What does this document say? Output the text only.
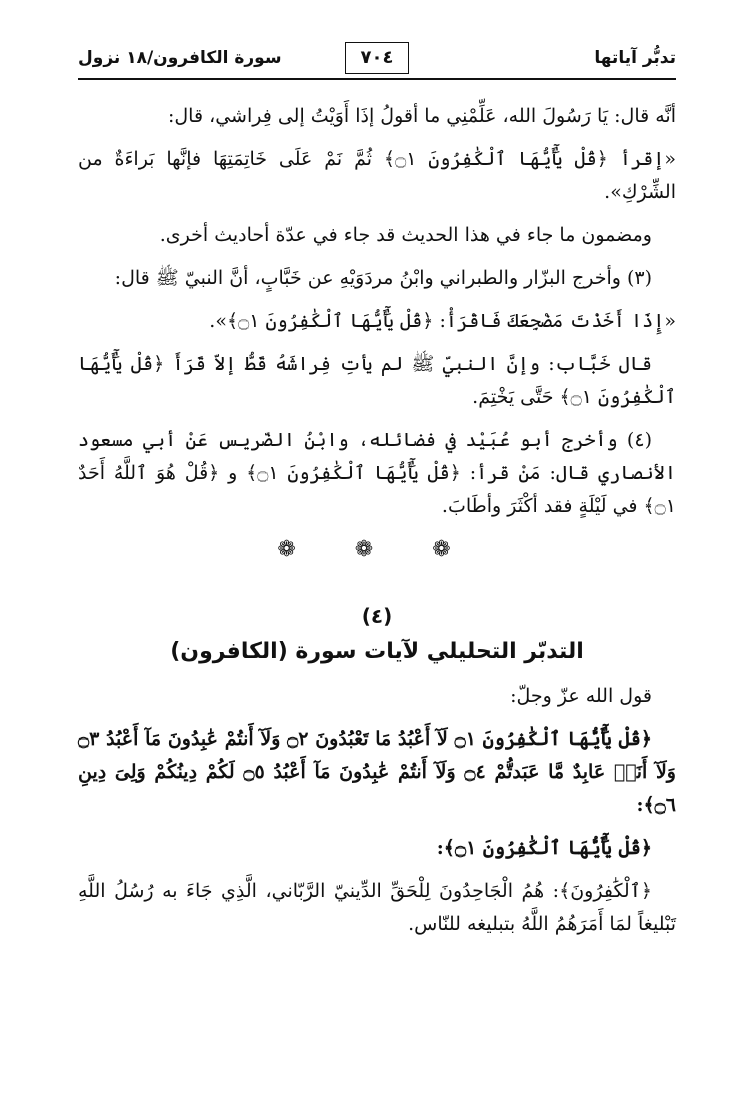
تدبُّر آياتها
٧٠٤
سورة الكافرون/١٨ نزول

أنَّه قال: يَا رَسُولَ الله، عَلِّمْنِي ما أقولُ إذَا أَوَيْتُ إلى فِراشي، قال:

«إقرأ ﴿قُلْ يَٰٓأَيُّهَا ٱلْكَٰفِرُونَ ۝١﴾ ثُمَّ نَمْ عَلَى خَاتِمَتِهَا فإنَّها بَراءَةٌ من الشِّرْكِ».

ومضمون ما جاء في هذا الحديث قد جاء في عدّة أحاديث أخرى.

(٣) وأخرج البزّار والطبراني وابْنُ مردَوَيْهِ عن خَبَّابٍ، أنَّ النبيّ ﷺ قال:

«إِذَا أَخَذْتَ مَضْجِعَكَ فَاقْرَأْ: ﴿قُلْ يَٰٓأَيُّهَا ٱلْكَٰفِرُونَ ۝١﴾».

قال خَبَّاب: وإنَّ النبيّ ﷺ لم يأتِ فِراشَهُ قَطُّ إلاّ قَرَأَ ﴿قُلْ يَٰٓأَيُّهَا ٱلْكَٰفِرُونَ ۝١﴾ حَتَّى يَخْتِمَ.

(٤) وأخرج أبو عُبَيْد في فضائله، وابْنُ الضّريس عَنْ أبي مسعود الأنصاري قال: مَنْ قرأ: ﴿قُلْ يَٰٓأَيُّهَا ٱلْكَٰفِرُونَ ۝١﴾ و ﴿قُلْ هُوَ ٱللَّهُ أَحَدٌ ۝١﴾ في لَيْلَةٍ فقد أكْثَرَ وأطَابَ.

❁ ❁ ❁

(٤)

التدبّر التحليلي لآيات سورة (الكافرون)

قول الله عزّ وجلّ:

﴿قُلْ يَٰٓأَيُّهَا ٱلْكَٰفِرُونَ ۝١ لَآ أَعْبُدُ مَا تَعْبُدُونَ ۝٢ وَلَآ أَنتُمْ عَٰبِدُونَ مَآ أَعْبُدُ ۝٣ وَلَآ أَنَا۠ عَابِدٌ مَّا عَبَدتُّمْ ۝٤ وَلَآ أَنتُمْ عَٰبِدُونَ مَآ أَعْبُدُ ۝٥ لَكُمْ دِينُكُمْ وَلِىَ دِينِ ۝٦﴾:

﴿قُلْ يَٰٓأَيُّهَا ٱلْكَٰفِرُونَ ۝١﴾:

﴿ٱلْكَٰفِرُونَ﴾: هُمُ الْجَاحِدُونَ لِلْحَقِّ الدِّينيّ الرَّبّاني، الَّذِي جَاءَ به رُسُلُ اللَّهِ تَبْليغاً لمَا أَمَرَهُمُ اللَّهُ بتبليغه للنّاس.
